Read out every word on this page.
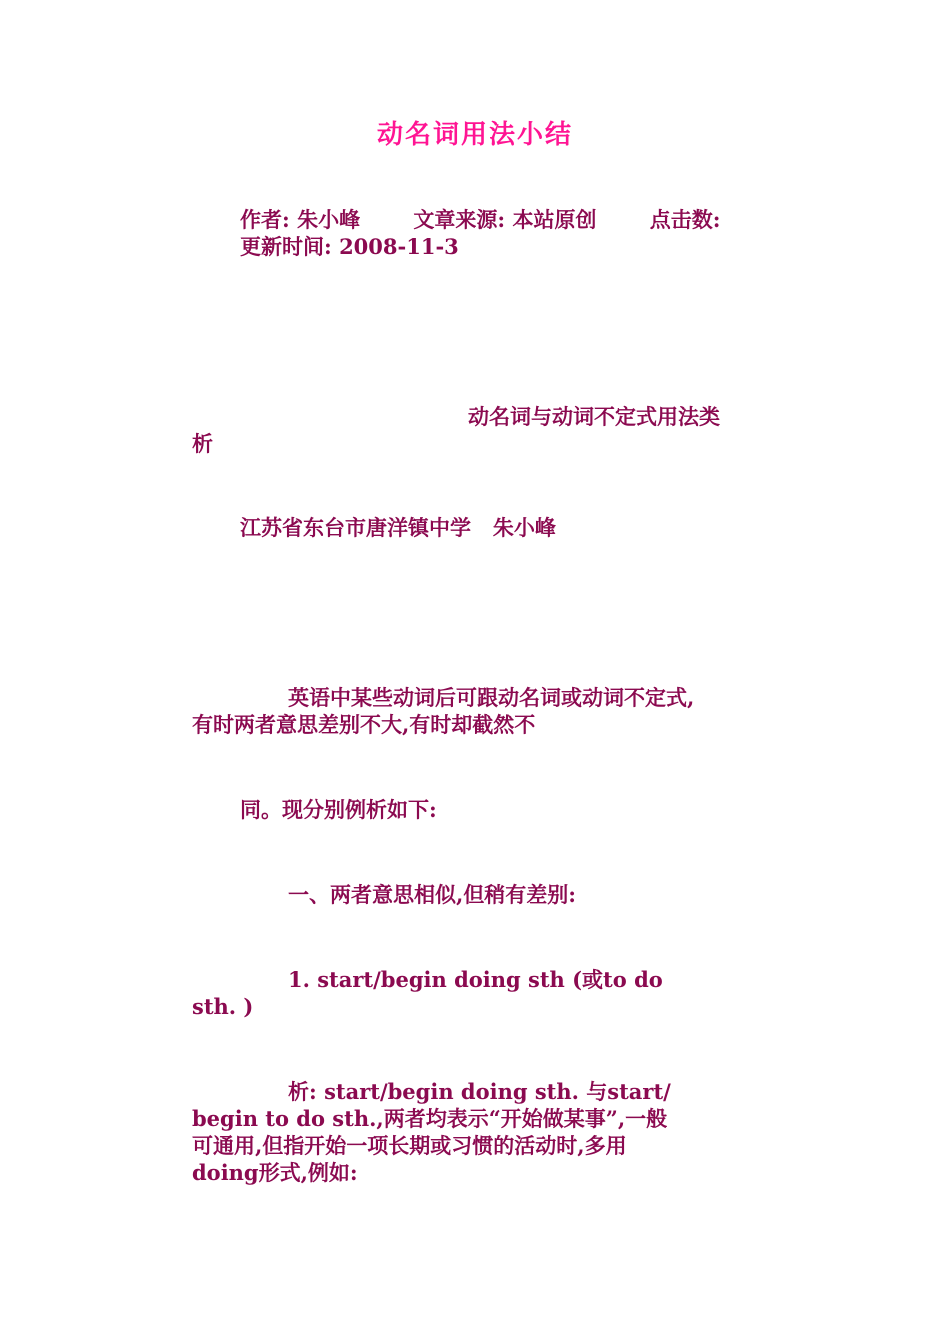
动名词用法小结
作者: 朱小峰	文章来源: 本站原创	点击数:
更新时间: 2008-11-3
动名词与动词不定式用法类
析
江苏省东台市唐洋镇中学   朱小峰
英语中某些动词后可跟动名词或动词不定式,
有时两者意思差别不大,有时却截然不
同。现分别例析如下:
一、两者意思相似,但稍有差别:
1. start/begin doing sth (或to do
sth. )
析: start/begin doing sth. 与start/
begin to do sth.,两者均表示“开始做某事”,一般
可通用,但指开始一项长期或习惯的活动时,多用
doing形式,例如:
